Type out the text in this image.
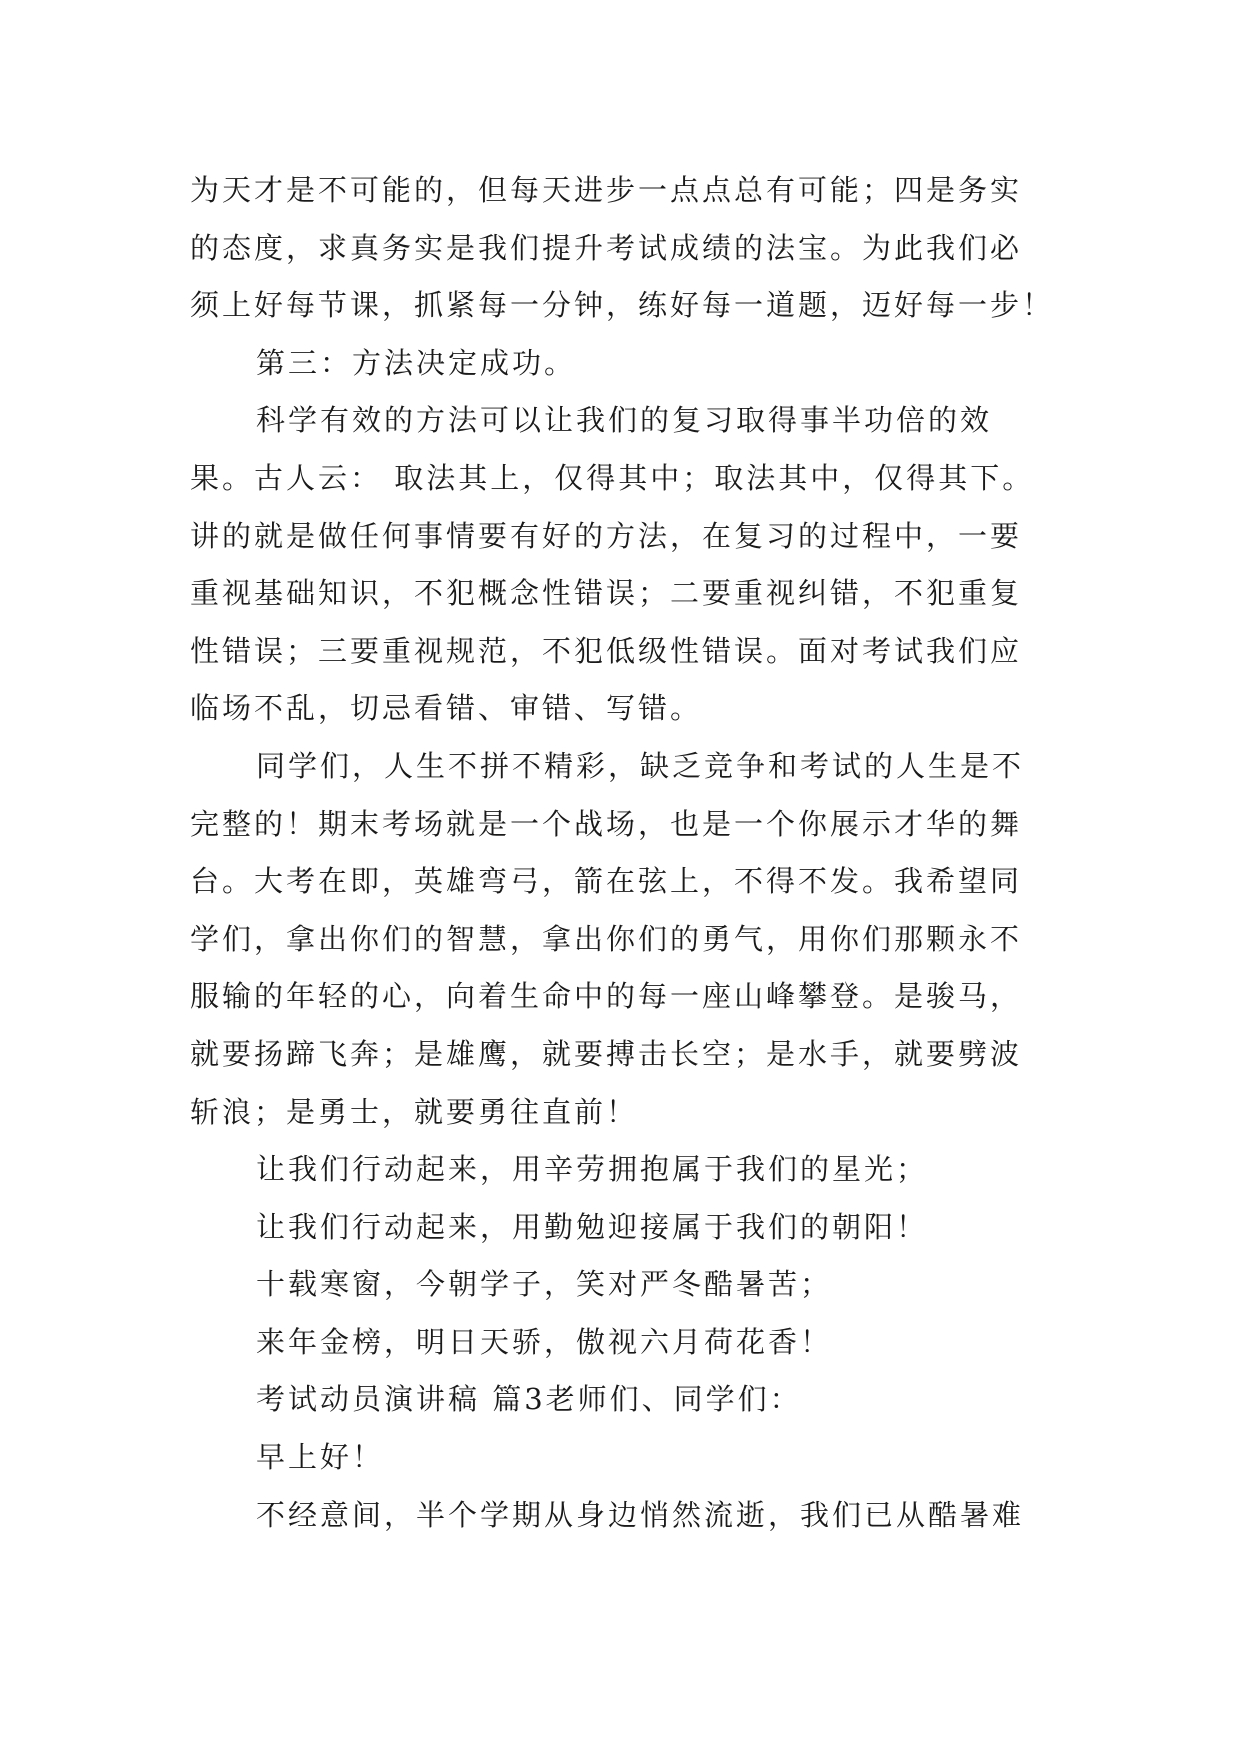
为天才是不可能的，但每天进步一点点总有可能；四是务实
的态度，求真务实是我们提升考试成绩的法宝。为此我们必
须上好每节课，抓紧每一分钟，练好每一道题，迈好每一步！
第三：方法决定成功。
科学有效的方法可以让我们的复习取得事半功倍的效
果。古人云： 取法其上，仅得其中；取法其中，仅得其下。
讲的就是做任何事情要有好的方法，在复习的过程中，一要
重视基础知识，不犯概念性错误；二要重视纠错，不犯重复
性错误；三要重视规范，不犯低级性错误。面对考试我们应
临场不乱，切忌看错、审错、写错。
同学们，人生不拼不精彩，缺乏竞争和考试的人生是不
完整的！期末考场就是一个战场，也是一个你展示才华的舞
台。大考在即，英雄弯弓，箭在弦上，不得不发。我希望同
学们，拿出你们的智慧，拿出你们的勇气，用你们那颗永不
服输的年轻的心，向着生命中的每一座山峰攀登。是骏马，
就要扬蹄飞奔；是雄鹰，就要搏击长空；是水手，就要劈波
斩浪；是勇士，就要勇往直前！
让我们行动起来，用辛劳拥抱属于我们的星光；
让我们行动起来，用勤勉迎接属于我们的朝阳！
十载寒窗，今朝学子，笑对严冬酷暑苦；
来年金榜，明日天骄，傲视六月荷花香！
考试动员演讲稿 篇3老师们、同学们：
早上好！
不经意间，半个学期从身边悄然流逝，我们已从酷暑难
